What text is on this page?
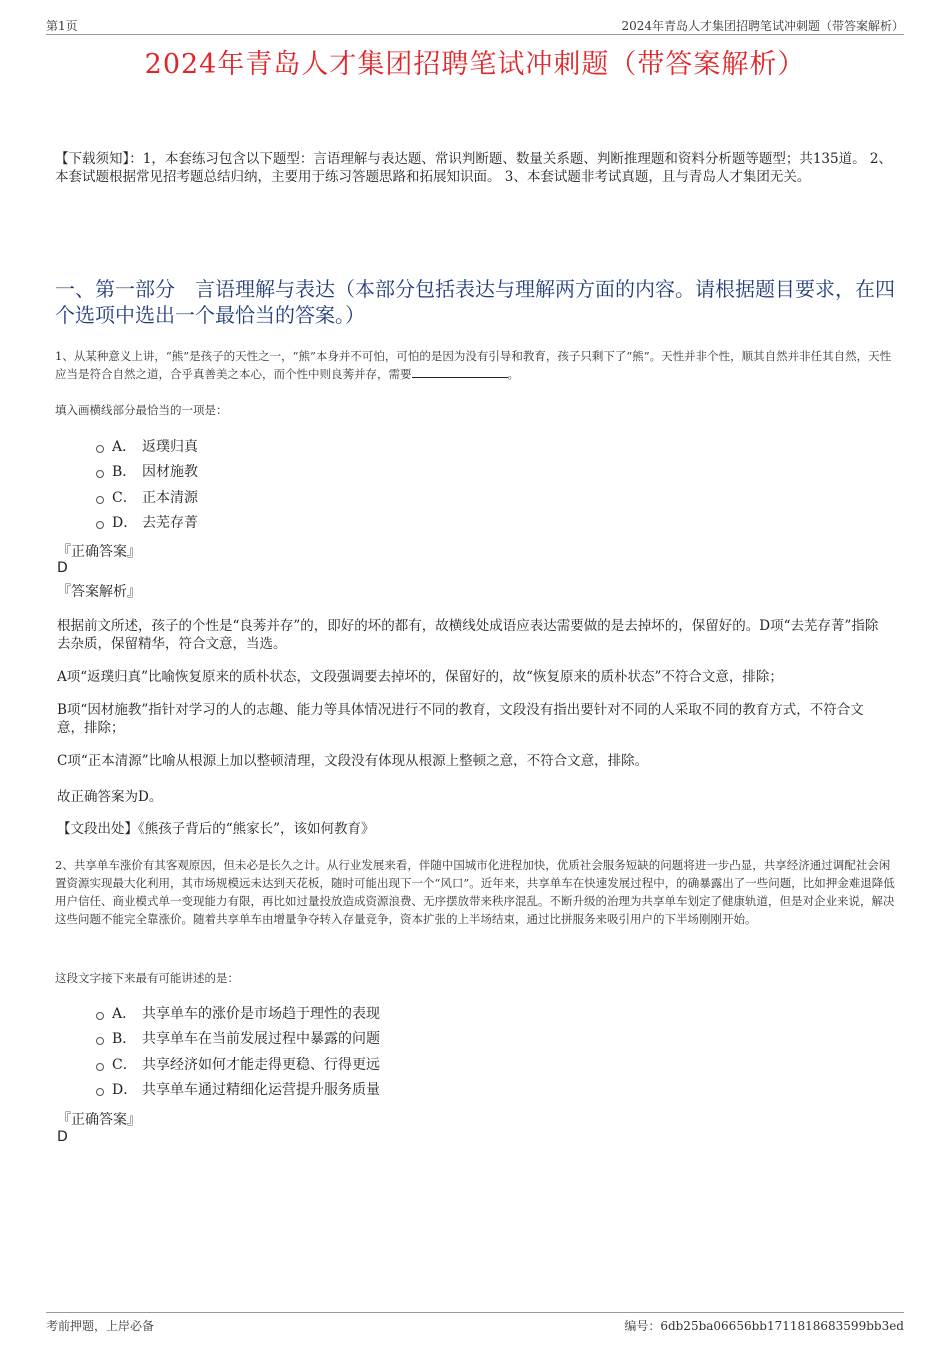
第1页	2024年青岛人才集团招聘笔试冲刺题（带答案解析）
2024年青岛人才集团招聘笔试冲刺题（带答案解析）
【下载须知】：1，本套练习包含以下题型：言语理解与表达题、常识判断题、数量关系题、判断推理题和资料分析题等题型；共135道。 2、本套试题根据常见招考题总结归纳，主要用于练习答题思路和拓展知识面。 3、本套试题非考试真题，且与青岛人才集团无关。
一、第一部分　言语理解与表达（本部分包括表达与理解两方面的内容。请根据题目要求，在四个选项中选出一个最恰当的答案。）
1、从某种意义上讲，“熊”是孩子的天性之一，“熊”本身并不可怕，可怕的是因为没有引导和教育，孩子只剩下了“熊”。天性并非个性，顺其自然并非任其自然，天性应当是符合自然之道，合乎真善美之本心，而个性中则良莠并存，需要	。
填入画横线部分最恰当的一项是：
A． 返璞归真
B． 因材施教
C． 正本清源
D． 去芜存菁
『正确答案』
D
『答案解析』
根据前文所述，孩子的个性是“良莠并存”的，即好的坏的都有，故横线处成语应表达需要做的是去掉坏的，保留好的。D项“去芜存菁”指除去杂质，保留精华，符合文意，当选。
A项“返璞归真”比喻恢复原来的质朴状态，文段强调要去掉坏的，保留好的，故“恢复原来的质朴状态”不符合文意，排除；
B项“因材施教”指针对学习的人的志趣、能力等具体情况进行不同的教育，文段没有指出要针对不同的人采取不同的教育方式，不符合文意，排除；
C项“正本清源”比喻从根源上加以整顿清理，文段没有体现从根源上整顿之意，不符合文意，排除。
故正确答案为D。
【文段出处】《熊孩子背后的“熊家长”，该如何教育》
2、共享单车涨价有其客观原因，但未必是长久之计。从行业发展来看，伴随中国城市化进程加快，优质社会服务短缺的问题将进一步凸显，共享经济通过调配社会闲置资源实现最大化利用，其市场规模远未达到天花板，随时可能出现下一个“风口”。近年来，共享单车在快速发展过程中，的确暴露出了一些问题，比如押金难退降低用户信任、商业模式单一变现能力有限，再比如过量投放造成资源浪费、无序摆放带来秩序混乱。不断升级的治理为共享单车划定了健康轨道，但是对企业来说，解决这些问题不能完全靠涨价。随着共享单车由增量争夺转入存量竞争，资本扩张的上半场结束，通过比拼服务来吸引用户的下半场刚刚开始。
这段文字接下来最有可能讲述的是：
A． 共享单车的涨价是市场趋于理性的表现
B． 共享单车在当前发展过程中暴露的问题
C． 共享经济如何才能走得更稳、行得更远
D． 共享单车通过精细化运营提升服务质量
『正确答案』
D
考前押题，上岸必备	编号：6db25ba06656bb1711818683599bb3ed
